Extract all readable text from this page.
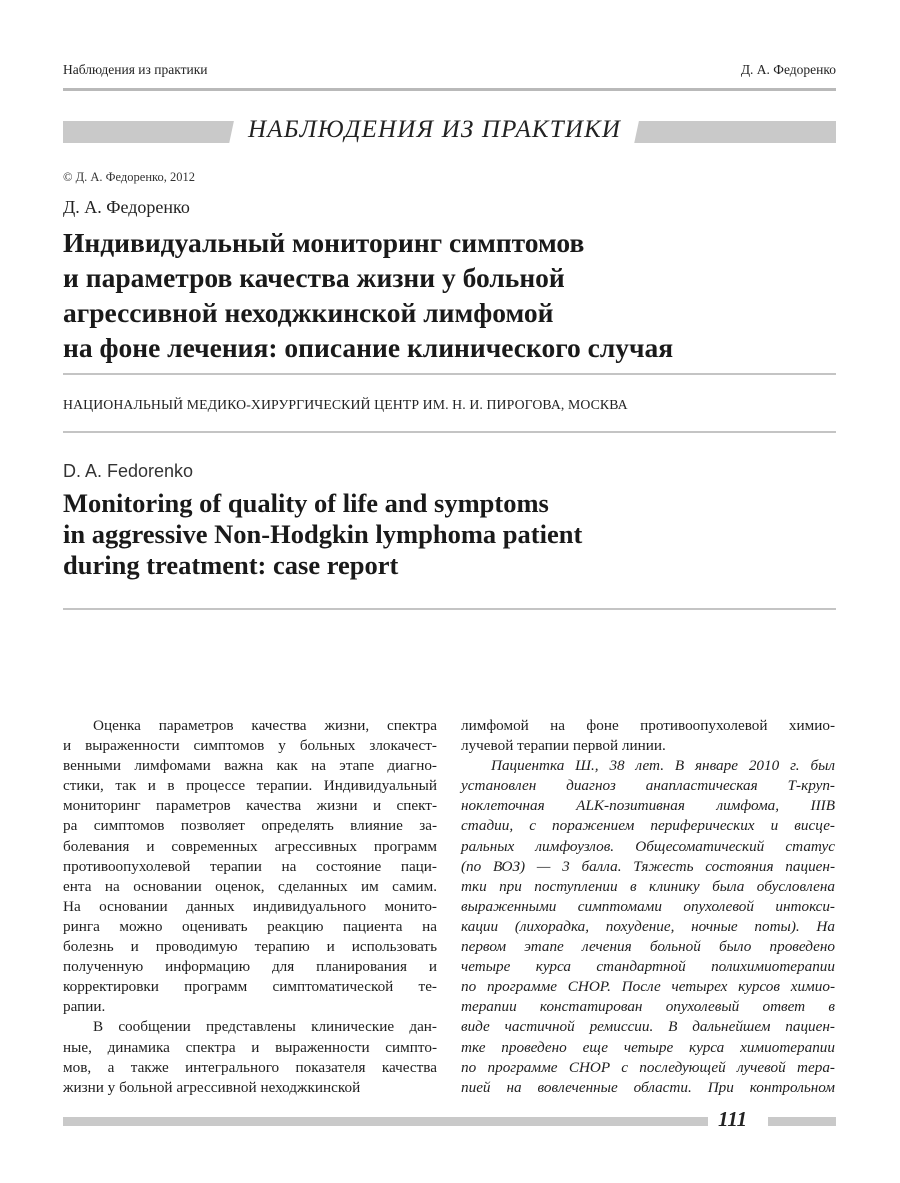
Наблюдения из практики	Д. А. Федоренко
НАБЛЮДЕНИЯ ИЗ ПРАКТИКИ
© Д. А. Федоренко, 2012
Д. А. Федоренко
Индивидуальный мониторинг симптомов
и параметров качества жизни у больной
агрессивной неходжкинской лимфомой
на фоне лечения: описание клинического случая
НАЦИОНАЛЬНЫЙ МЕДИКО-ХИРУРГИЧЕСКИЙ ЦЕНТР ИМ. Н. И. ПИРОГОВА, МОСКВА
D. A. Fedorenko
Monitoring of quality of life and symptoms
in aggressive Non-Hodgkin lymphoma patient
during treatment: case report
Оценка параметров качества жизни, спектра
и выраженности симптомов у больных злокачест-
венными лимфомами важна как на этапе диагно-
стики, так и в процессе терапии. Индивидуальный
мониторинг параметров качества жизни и спект-
ра симптомов позволяет определять влияние за-
болевания и современных агрессивных программ
противоопухолевой терапии на состояние паци-
ента на основании оценок, сделанных им самим.
На основании данных индивидуального монито-
ринга можно оценивать реакцию пациента на
болезнь и проводимую терапию и использовать
полученную информацию для планирования и
корректировки программ симптоматической те-
рапии.
В сообщении представлены клинические дан-
ные, динамика спектра и выраженности симпто-
мов, а также интегрального показателя качества
жизни у больной агрессивной неходжкинской
лимфомой на фоне противоопухолевой химио-
лучевой терапии первой линии.
Пациентка Ш., 38 лет. В январе 2010 г. был
установлен диагноз анапластическая Т-круп-
ноклеточная ALK-позитивная лимфома, IIIB
стадии, с поражением периферических и висце-
ральных лимфоузлов. Общесоматический статус
(по ВОЗ) — 3 балла. Тяжесть состояния пациен-
тки при поступлении в клинику была обусловлена
выраженными симптомами опухолевой интокси-
кации (лихорадка, похудение, ночные поты). На
первом этапе лечения больной было проведено
четыре курса стандартной полихимиотерапии
по программе CHOP. После четырех курсов химио-
терапии констатирован опухолевый ответ в
виде частичной ремиссии. В дальнейшем пациен-
тке проведено еще четыре курса химиотерапии
по программе CHOP с последующей лучевой тера-
пией на вовлеченные области. При контрольном
111
